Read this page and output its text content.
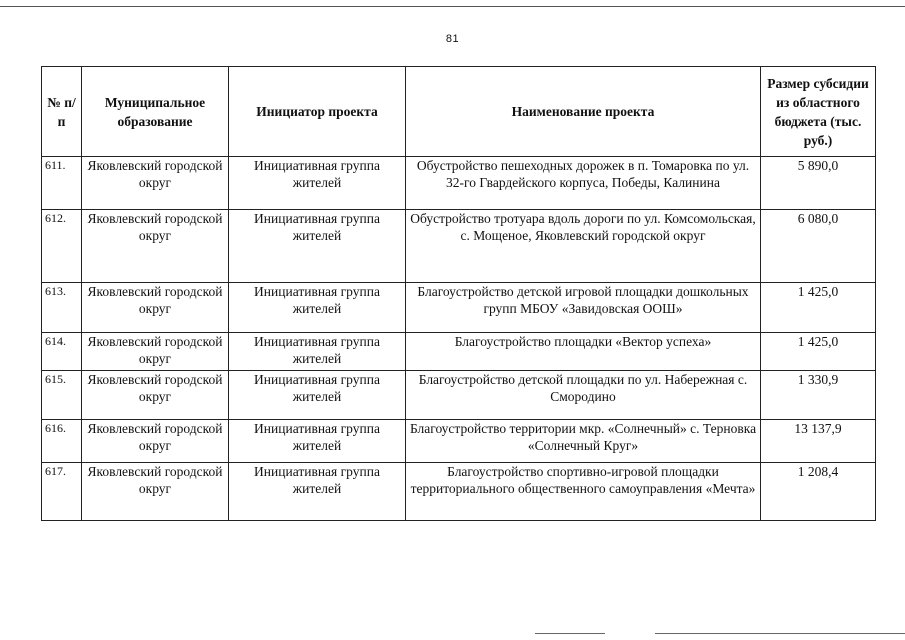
81
№ п/п	Муниципальное образование	Инициатор проекта	Наименование проекта	Размер субсидии из областного бюджета (тыс. руб.)
611.	Яковлевский городской округ	Инициативная группа жителей	Обустройство пешеходных дорожек в п. Томаровка по ул. 32-го Гвардейского корпуса, Победы, Калинина	5 890,0
612.	Яковлевский городской округ	Инициативная группа жителей	Обустройство тротуара вдоль дороги по ул. Комсомольская, с. Мощеное, Яковлевский городской округ	6 080,0
613.	Яковлевский городской округ	Инициативная группа жителей	Благоустройство детской игровой площадки дошкольных групп МБОУ «Завидовская ООШ»	1 425,0
614.	Яковлевский городской округ	Инициативная группа жителей	Благоустройство площадки «Вектор успеха»	1 425,0
615.	Яковлевский городской округ	Инициативная группа жителей	Благоустройство детской площадки по ул. Набережная с. Смородино	1 330,9
616.	Яковлевский городской округ	Инициативная группа жителей	Благоустройство территории мкр. «Солнечный» с. Терновка «Солнечный Круг»	13 137,9
617.	Яковлевский городской округ	Инициативная группа жителей	Благоустройство спортивно-игровой площадки территориального общественного самоуправления «Мечта»	1 208,4
